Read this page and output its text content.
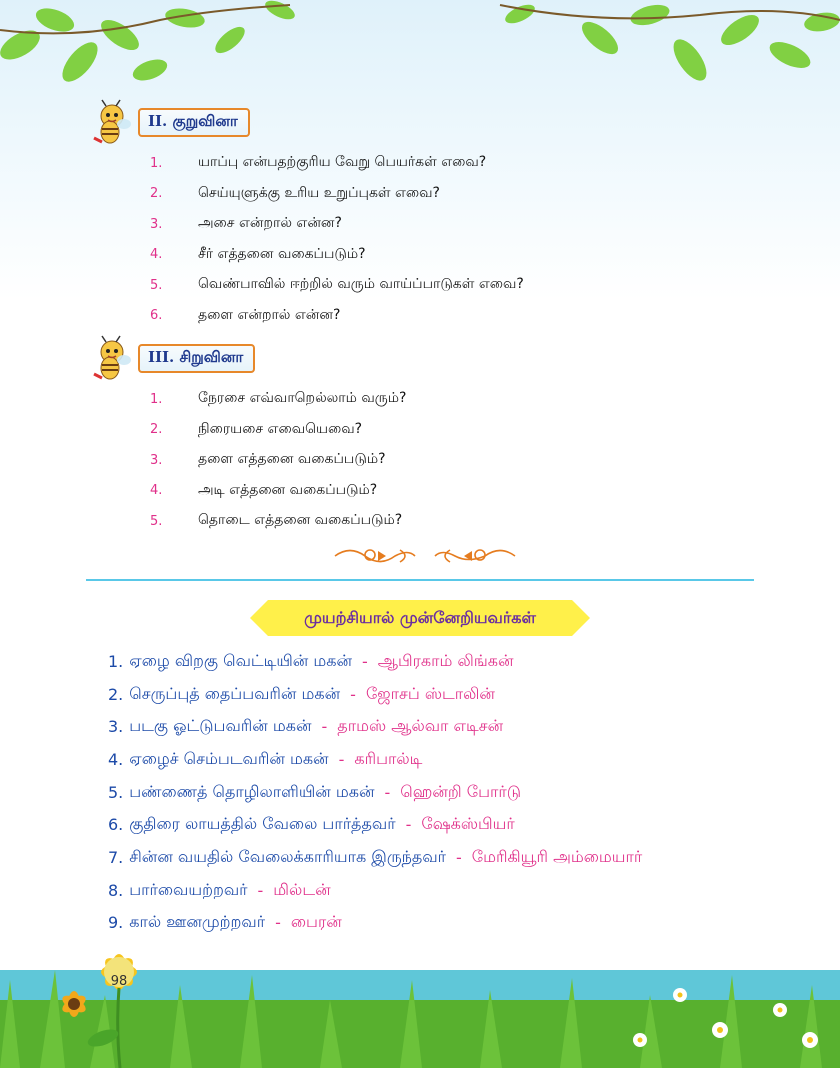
II. குறுவினா
1.	யாப்பு என்பதற்குரிய வேறு பெயர்கள் எவை?
2.	செய்யுளுக்கு உரிய உறுப்புகள் எவை?
3.	அசை என்றால் என்ன?
4.	சீர் எத்தனை வகைப்படும்?
5.	வெண்பாவில் ஈற்றில் வரும் வாய்ப்பாடுகள் எவை?
6.	தளை என்றால் என்ன?
III. சிறுவினா
1.	நேரசை எவ்வாறெல்லாம் வரும்?
2.	நிரையசை எவையெவை?
3.	தளை எத்தனை வகைப்படும்?
4.	அடி எத்தனை வகைப்படும்?
5.	தொடை எத்தனை வகைப்படும்?
முயற்சியால் முன்னேறியவர்கள்
1. ஏழை விறகு வெட்டியின் மகன் - ஆபிரகாம் லிங்கன்
2. செருப்புத் தைப்பவரின் மகன் - ஜோசப் ஸ்டாலின்
3. படகு ஓட்டுபவரின் மகன் - தாமஸ் ஆல்வா எடிசன்
4. ஏழைச் செம்படவரின் மகன் - கரிபால்டி
5. பண்ணைத் தொழிலாளியின் மகன் - ஹென்றி போர்டு
6. குதிரை லாயத்தில் வேலை பார்த்தவர் - ஷேக்ஸ்பியர்
7. சின்ன வயதில் வேலைக்காரியாக இருந்தவர் - மேரிகியூரி அம்மையார்
8. பார்வையற்றவர் - மில்டன்
9. கால் ஊனமுற்றவர் - பைரன்
98
